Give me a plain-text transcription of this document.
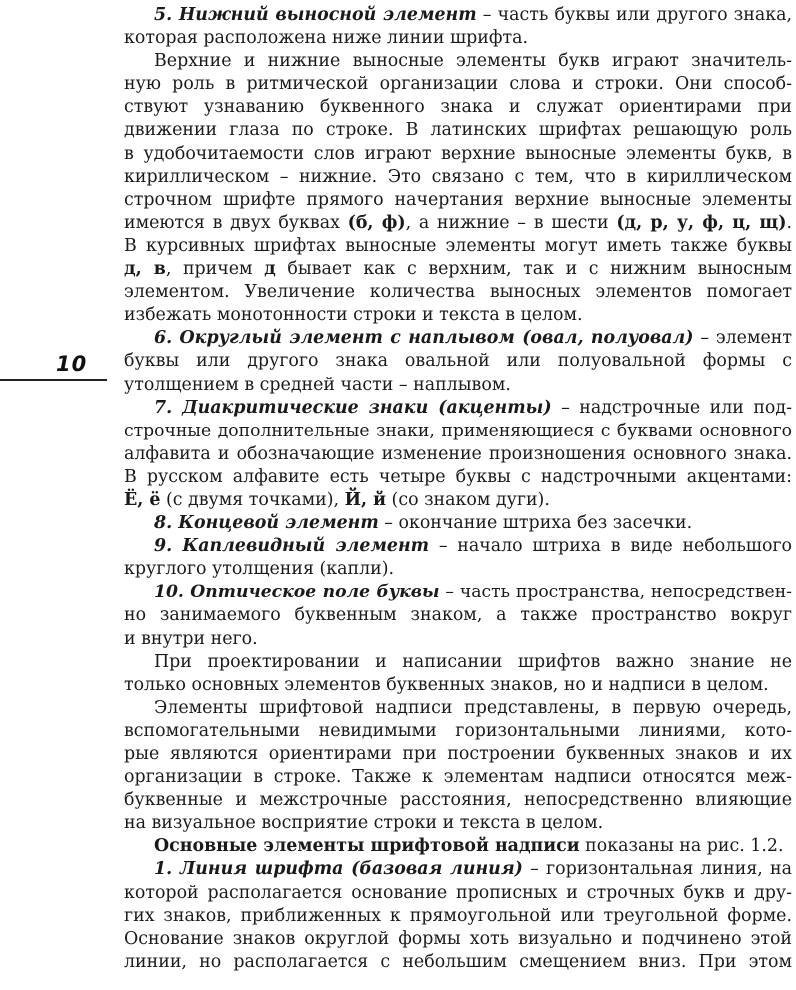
10
5. Нижний выносной элемент – часть буквы или другого знака,
которая расположена ниже линии шрифта.
Верхние и нижние выносные элементы букв играют значитель-
ную роль в ритмической организации слова и строки. Они способ-
ствуют узнаванию буквенного знака и служат ориентирами при
движении глаза по строке. В латинских шрифтах решающую роль
в удобочитаемости слов играют верхние выносные элементы букв, в
кириллическом – нижние. Это связано с тем, что в кириллическом
строчном шрифте прямого начертания верхние выносные элементы
имеются в двух буквах (б, ф), а нижние – в шести (д, р, у, ф, ц, щ).
В курсивных шрифтах выносные элементы могут иметь также буквы
д, в, причем д бывает как с верхним, так и с нижним выносным
элементом. Увеличение количества выносных элементов помогает
избежать монотонности строки и текста в целом.
6. Округлый элемент с наплывом (овал, полуовал) – элемент
буквы или другого знака овальной или полуовальной формы с
утолщением в средней части – наплывом.
7. Диакритические знаки (акценты) – надстрочные или под-
строчные дополнительные знаки, применяющиеся с буквами основного
алфавита и обозначающие изменение произношения основного знака.
В русском алфавите есть четыре буквы с надстрочными акцентами:
Ё, ё (с двумя точками), Й, й (со знаком дуги).
8. Концевой элемент – окончание штриха без засечки.
9. Каплевидный элемент – начало штриха в виде небольшого
круглого утолщения (капли).
10. Оптическое поле буквы – часть пространства, непосредствен-
но занимаемого буквенным знаком, а также пространство вокруг
и внутри него.
При проектировании и написании шрифтов важно знание не
только основных элементов буквенных знаков, но и надписи в целом.
Элементы шрифтовой надписи представлены, в первую очередь,
вспомогательными невидимыми горизонтальными линиями, кото-
рые являются ориентирами при построении буквенных знаков и их
организации в строке. Также к элементам надписи относятся меж-
буквенные и межстрочные расстояния, непосредственно влияющие
на визуальное восприятие строки и текста в целом.
Основные элементы шрифтовой надписи показаны на рис. 1.2.
1. Линия шрифта (базовая линия) – горизонтальная линия, на
которой располагается основание прописных и строчных букв и дру-
гих знаков, приближенных к прямоугольной или треугольной форме.
Основание знаков округлой формы хоть визуально и подчинено этой
линии, но располагается с небольшим смещением вниз. При этом
